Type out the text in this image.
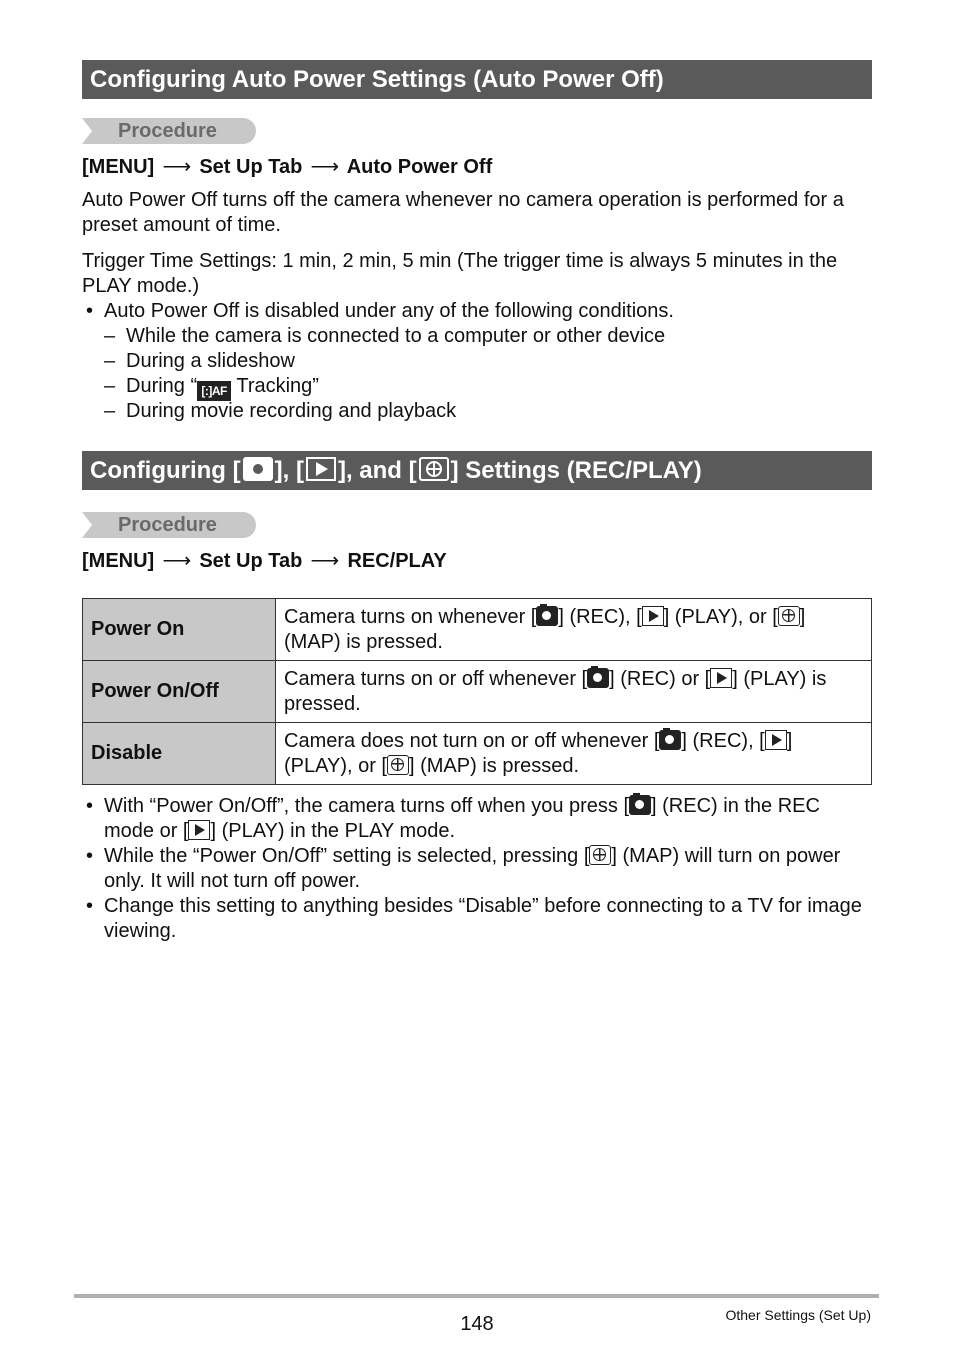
Configuring Auto Power Settings (Auto Power Off)
Procedure
[MENU] ⟶ Set Up Tab ⟶ Auto Power Off
Auto Power Off turns off the camera whenever no camera operation is performed for a preset amount of time.
Trigger Time Settings: 1 min, 2 min, 5 min (The trigger time is always 5 minutes in the PLAY mode.)
• Auto Power Off is disabled under any of the following conditions.
– While the camera is connected to a computer or other device
– During a slideshow
– During “ [:]AF Tracking”
– During movie recording and playback
Configuring [ ], [ ], and [ ] Settings (REC/PLAY)
Procedure
[MENU] ⟶ Set Up Tab ⟶ REC/PLAY
Power On	Camera turns on whenever [ ] (REC), [ ] (PLAY), or [ ] (MAP) is pressed.
Power On/Off	Camera turns on or off whenever [ ] (REC) or [ ] (PLAY) is pressed.
Disable	Camera does not turn on or off whenever [ ] (REC), [ ] (PLAY), or [ ] (MAP) is pressed.
• With “Power On/Off”, the camera turns off when you press [ ] (REC) in the REC mode or [ ] (PLAY) in the PLAY mode.
• While the “Power On/Off” setting is selected, pressing [ ] (MAP) will turn on power only. It will not turn off power.
• Change this setting to anything besides “Disable” before connecting to a TV for image viewing.
148	Other Settings (Set Up)
